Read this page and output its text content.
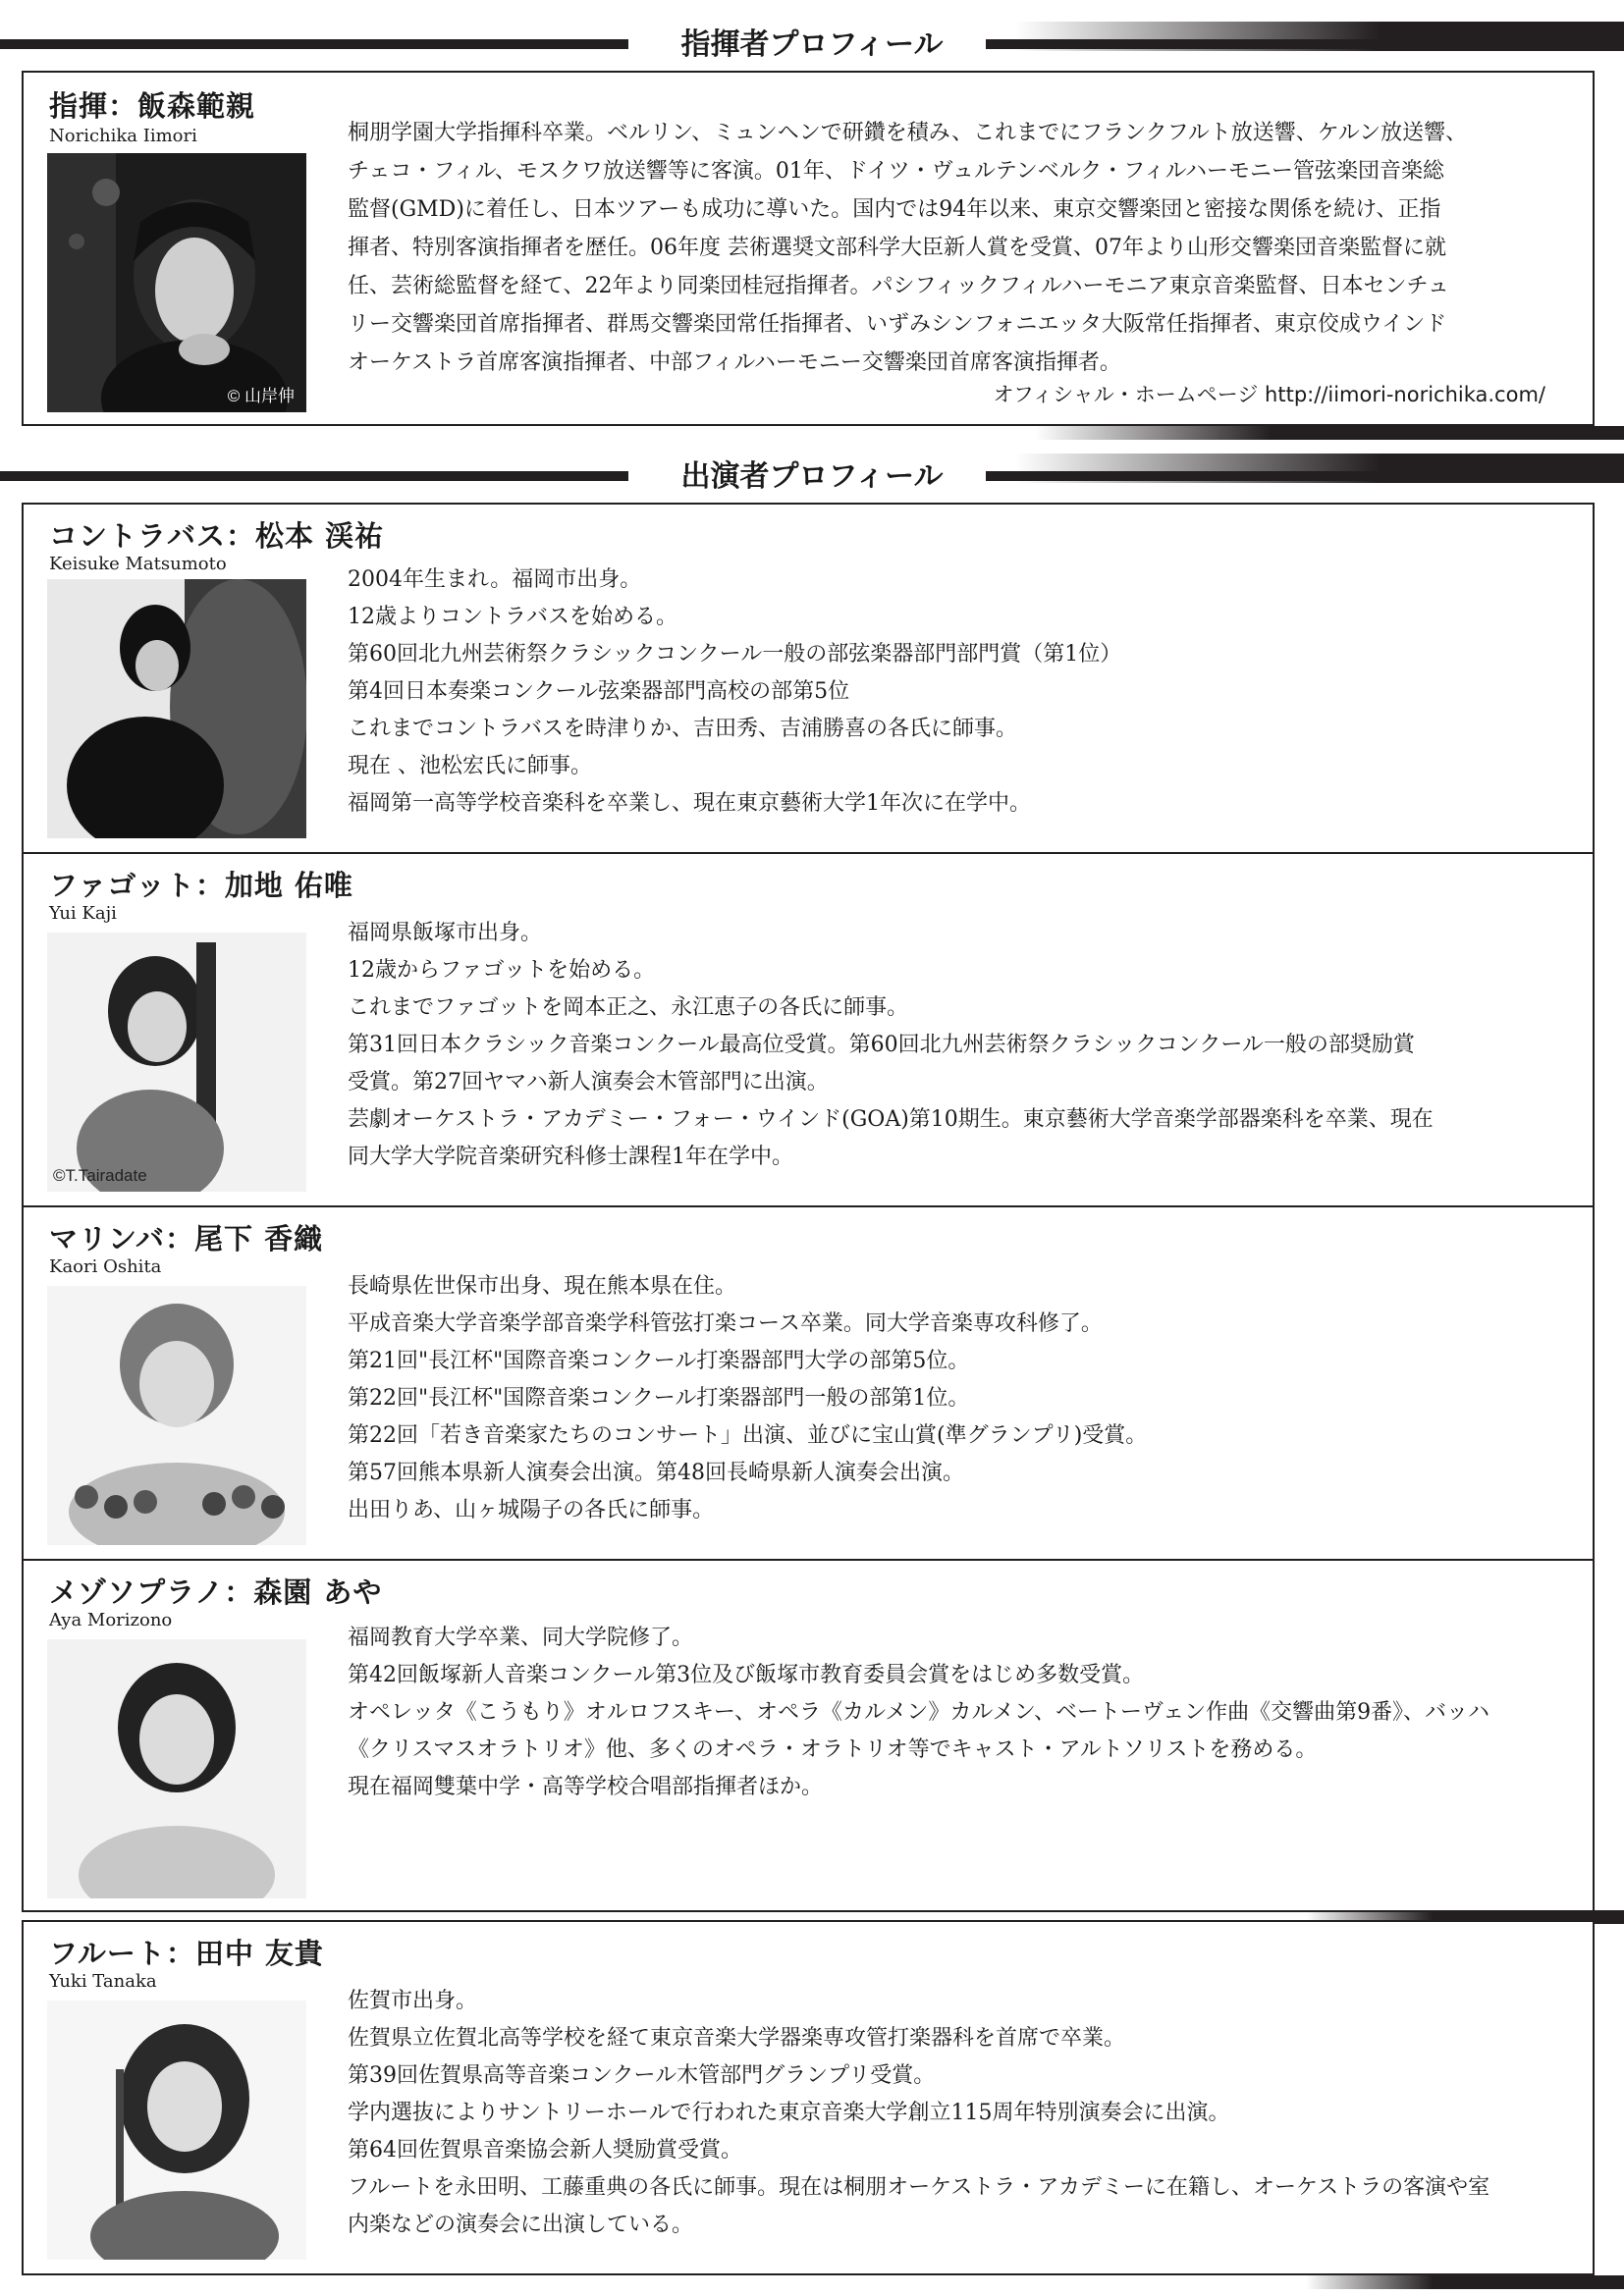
指揮者プロフィール
指揮：飯森範親
Norichika Iimori
© 山岸伸
桐朋学園大学指揮科卒業。ベルリン、ミュンヘンで研鑽を積み、これまでにフランクフルト放送響、ケルン放送響、
チェコ・フィル、モスクワ放送響等に客演。01年、ドイツ・ヴュルテンベルク・フィルハーモニー管弦楽団音楽総
監督(GMD)に着任し、日本ツアーも成功に導いた。国内では94年以来、東京交響楽団と密接な関係を続け、正指
揮者、特別客演指揮者を歴任。06年度 芸術選奨文部科学大臣新人賞を受賞、07年より山形交響楽団音楽監督に就
任、芸術総監督を経て、22年より同楽団桂冠指揮者。パシフィックフィルハーモニア東京音楽監督、日本センチュ
リー交響楽団首席指揮者、群馬交響楽団常任指揮者、いずみシンフォニエッタ大阪常任指揮者、東京佼成ウインド
オーケストラ首席客演指揮者、中部フィルハーモニー交響楽団首席客演指揮者。
オフィシャル・ホームページ http://iimori-norichika.com/
出演者プロフィール
コントラバス：松本 渓祐
Keisuke Matsumoto
2004年生まれ。福岡市出身。
12歳よりコントラバスを始める。
第60回北九州芸術祭クラシックコンクール一般の部弦楽器部門部門賞（第1位）
第4回日本奏楽コンクール弦楽器部門高校の部第5位
これまでコントラバスを時津りか、吉田秀、吉浦勝喜の各氏に師事。
現在 、池松宏氏に師事。
福岡第一高等学校音楽科を卒業し、現在東京藝術大学1年次に在学中。
ファゴット：加地 佑唯
Yui Kaji
©T.Tairadate
福岡県飯塚市出身。
12歳からファゴットを始める。
これまでファゴットを岡本正之、永江恵子の各氏に師事。
第31回日本クラシック音楽コンクール最高位受賞。第60回北九州芸術祭クラシックコンクール一般の部奨励賞
受賞。第27回ヤマハ新人演奏会木管部門に出演。
芸劇オーケストラ・アカデミー・フォー・ウインド(GOA)第10期生。東京藝術大学音楽学部器楽科を卒業、現在
同大学大学院音楽研究科修士課程1年在学中。
マリンバ：尾下 香織
Kaori Oshita
長崎県佐世保市出身、現在熊本県在住。
平成音楽大学音楽学部音楽学科管弦打楽コース卒業。同大学音楽専攻科修了。
第21回"長江杯"国際音楽コンクール打楽器部門大学の部第5位。
第22回"長江杯"国際音楽コンクール打楽器部門一般の部第1位。
第22回「若き音楽家たちのコンサート」出演、並びに宝山賞(準グランプリ)受賞。
第57回熊本県新人演奏会出演。第48回長崎県新人演奏会出演。
出田りあ、山ヶ城陽子の各氏に師事。
メゾソプラノ：森園 あや
Aya Morizono
福岡教育大学卒業、同大学院修了。
第42回飯塚新人音楽コンクール第3位及び飯塚市教育委員会賞をはじめ多数受賞。
オペレッタ《こうもり》オルロフスキー、オペラ《カルメン》カルメン、ベートーヴェン作曲《交響曲第9番》、バッハ
《クリスマスオラトリオ》他、多くのオペラ・オラトリオ等でキャスト・アルトソリストを務める。
現在福岡雙葉中学・高等学校合唱部指揮者ほか。
フルート：田中 友貴
Yuki Tanaka
佐賀市出身。
佐賀県立佐賀北高等学校を経て東京音楽大学器楽専攻管打楽器科を首席で卒業。
第39回佐賀県高等音楽コンクール木管部門グランプリ受賞。
学内選抜によりサントリーホールで行われた東京音楽大学創立115周年特別演奏会に出演。
第64回佐賀県音楽協会新人奨励賞受賞。
フルートを永田明、工藤重典の各氏に師事。現在は桐朋オーケストラ・アカデミーに在籍し、オーケストラの客演や室
内楽などの演奏会に出演している。
